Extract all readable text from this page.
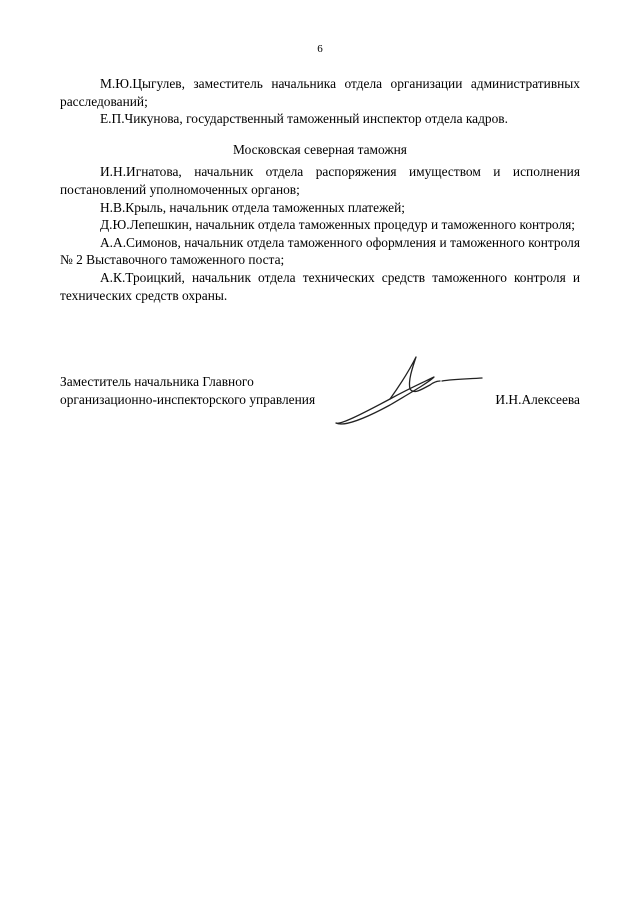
6

М.Ю.Цыгулев, заместитель начальника отдела организации административных расследований;

Е.П.Чикунова, государственный таможенный инспектор отдела кадров.

Московская северная таможня

И.Н.Игнатова, начальник отдела распоряжения имуществом и исполнения постановлений уполномоченных органов;

Н.В.Крыль, начальник отдела таможенных платежей;

Д.Ю.Лепешкин, начальник отдела таможенных процедур и таможенного контроля;

А.А.Симонов, начальник отдела таможенного оформления и таможенного контроля № 2 Выставочного таможенного поста;

А.К.Троицкий, начальник отдела технических средств таможенного контроля и технических средств охраны.

Заместитель начальника Главного
организационно-инспекторского управления	И.Н.Алексеева
